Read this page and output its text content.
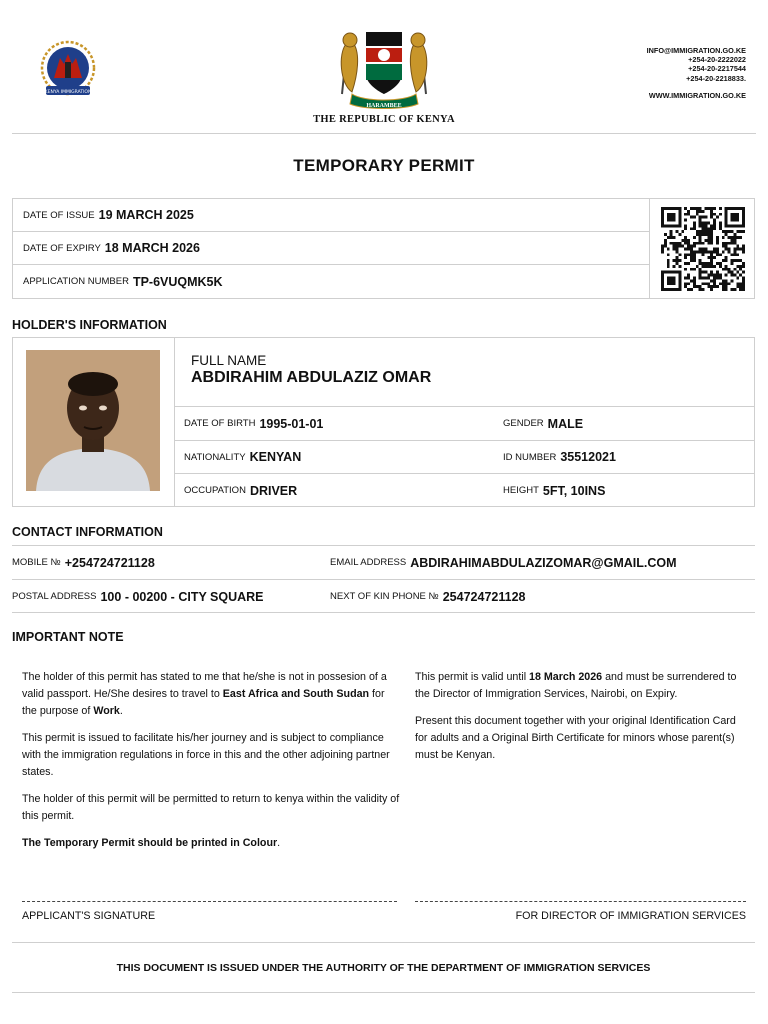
KENYA IMMIGRATION
HARAMBEE
THE REPUBLIC OF KENYA
INFO@IMMIGRATION.GO.KE
+254-20-2222022
+254-20-2217544
+254-20-2218833.
WWW.IMMIGRATION.GO.KE
TEMPORARY PERMIT
DATE OF ISSUE 19 MARCH 2025
DATE OF EXPIRY 18 MARCH 2026
APPLICATION NUMBER TP-6VUQMK5K
HOLDER'S INFORMATION
FULL NAME
ABDIRAHIM ABDULAZIZ OMAR
DATE OF BIRTH 1995-01-01	GENDER MALE
NATIONALITY KENYAN	ID NUMBER 35512021
OCCUPATION DRIVER	HEIGHT 5FT, 10INS
CONTACT INFORMATION
MOBILE № +254724721128	EMAIL ADDRESS ABDIRAHIMABDULAZIZOMAR@GMAIL.COM
POSTAL ADDRESS 100 - 00200 - CITY SQUARE	NEXT OF KIN PHONE № 254724721128
IMPORTANT NOTE

The holder of this permit has stated to me that he/she is not in possesion of a valid passport. He/She desires to travel to East Africa and South Sudan for the purpose of Work.

This permit is issued to facilitate his/her journey and is subject to compliance with the immigration regulations in force in this and the other adjoining partner states.

The holder of this permit will be permitted to return to kenya within the validity of this permit.

The Temporary Permit should be printed in Colour.

This permit is valid until 18 March 2026 and must be surrendered to the Director of Immigration Services, Nairobi, on Expiry.

Present this document together with your original Identification Card for adults and a Original Birth Certificate for minors whose parent(s) must be Kenyan.

APPLICANT'S SIGNATURE	FOR DIRECTOR OF IMMIGRATION SERVICES
THIS DOCUMENT IS ISSUED UNDER THE AUTHORITY OF THE DEPARTMENT OF IMMIGRATION SERVICES
